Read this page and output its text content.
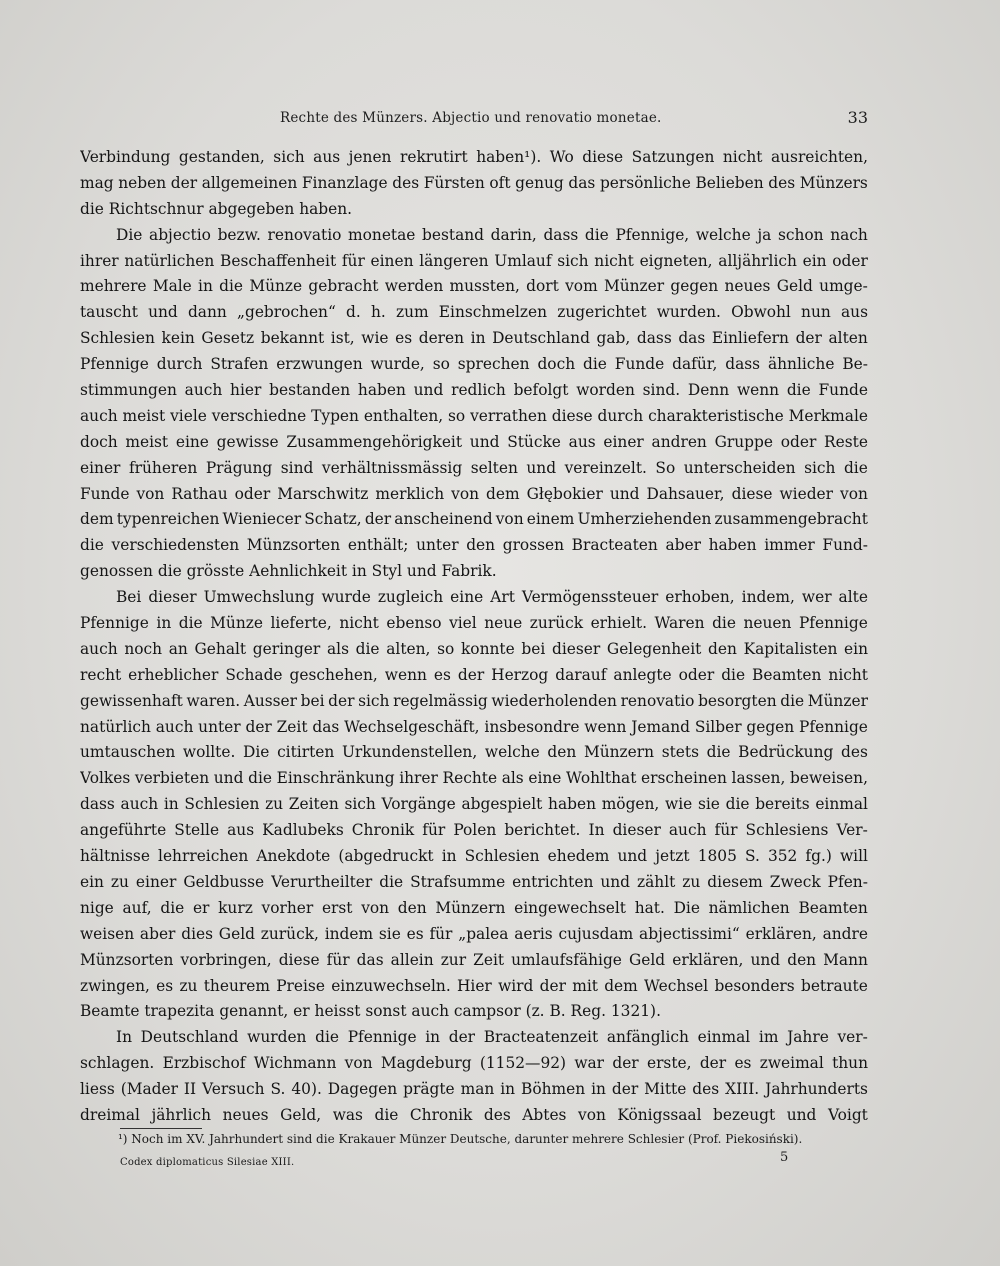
Rechte des Münzers. Abjectio und renovatio monetae.	33
Verbindung gestanden, sich aus jenen rekrutirt haben¹). Wo diese Satzungen nicht ausreichten,
mag neben der allgemeinen Finanzlage des Fürsten oft genug das persönliche Belieben des Münzers
die Richtschnur abgegeben haben.
Die abjectio bezw. renovatio monetae bestand darin, dass die Pfennige, welche ja schon nach
ihrer natürlichen Beschaffenheit für einen längeren Umlauf sich nicht eigneten, alljährlich ein oder
mehrere Male in die Münze gebracht werden mussten, dort vom Münzer gegen neues Geld umge-
tauscht und dann „gebrochen“ d. h. zum Einschmelzen zugerichtet wurden. Obwohl nun aus
Schlesien kein Gesetz bekannt ist, wie es deren in Deutschland gab, dass das Einliefern der alten
Pfennige durch Strafen erzwungen wurde, so sprechen doch die Funde dafür, dass ähnliche Be-
stimmungen auch hier bestanden haben und redlich befolgt worden sind. Denn wenn die Funde
auch meist viele verschiedne Typen enthalten, so verrathen diese durch charakteristische Merkmale
doch meist eine gewisse Zusammengehörigkeit und Stücke aus einer andren Gruppe oder Reste
einer früheren Prägung sind verhältnissmässig selten und vereinzelt. So unterscheiden sich die
Funde von Rathau oder Marschwitz merklich von dem Głębokier und Dahsauer, diese wieder von
dem typenreichen Wieniecer Schatz, der anscheinend von einem Umherziehenden zusammengebracht
die verschiedensten Münzsorten enthält; unter den grossen Bracteaten aber haben immer Fund-
genossen die grösste Aehnlichkeit in Styl und Fabrik.
Bei dieser Umwechslung wurde zugleich eine Art Vermögenssteuer erhoben, indem, wer alte
Pfennige in die Münze lieferte, nicht ebenso viel neue zurück erhielt. Waren die neuen Pfennige
auch noch an Gehalt geringer als die alten, so konnte bei dieser Gelegenheit den Kapitalisten ein
recht erheblicher Schade geschehen, wenn es der Herzog darauf anlegte oder die Beamten nicht
gewissenhaft waren. Ausser bei der sich regelmässig wiederholenden renovatio besorgten die Münzer
natürlich auch unter der Zeit das Wechselgeschäft, insbesondre wenn Jemand Silber gegen Pfennige
umtauschen wollte. Die citirten Urkundenstellen, welche den Münzern stets die Bedrückung des
Volkes verbieten und die Einschränkung ihrer Rechte als eine Wohlthat erscheinen lassen, beweisen,
dass auch in Schlesien zu Zeiten sich Vorgänge abgespielt haben mögen, wie sie die bereits einmal
angeführte Stelle aus Kadlubeks Chronik für Polen berichtet. In dieser auch für Schlesiens Ver-
hältnisse lehrreichen Anekdote (abgedruckt in Schlesien ehedem und jetzt 1805 S. 352 fg.) will
ein zu einer Geldbusse Verurtheilter die Strafsumme entrichten und zählt zu diesem Zweck Pfen-
nige auf, die er kurz vorher erst von den Münzern eingewechselt hat. Die nämlichen Beamten
weisen aber dies Geld zurück, indem sie es für „palea aeris cujusdam abjectissimi“ erklären, andre
Münzsorten vorbringen, diese für das allein zur Zeit umlaufsfähige Geld erklären, und den Mann
zwingen, es zu theurem Preise einzuwechseln. Hier wird der mit dem Wechsel besonders betraute
Beamte trapezita genannt, er heisst sonst auch campsor (z. B. Reg. 1321).
In Deutschland wurden die Pfennige in der Bracteatenzeit anfänglich einmal im Jahre ver-
schlagen. Erzbischof Wichmann von Magdeburg (1152—92) war der erste, der es zweimal thun
liess (Mader II Versuch S. 40). Dagegen prägte man in Böhmen in der Mitte des XIII. Jahrhunderts
dreimal jährlich neues Geld, was die Chronik des Abtes von Königssaal bezeugt und Voigt
¹) Noch im XV. Jahrhundert sind die Krakauer Münzer Deutsche, darunter mehrere Schlesier (Prof. Piekosiński).
Codex diplomaticus Silesiae XIII.	5
